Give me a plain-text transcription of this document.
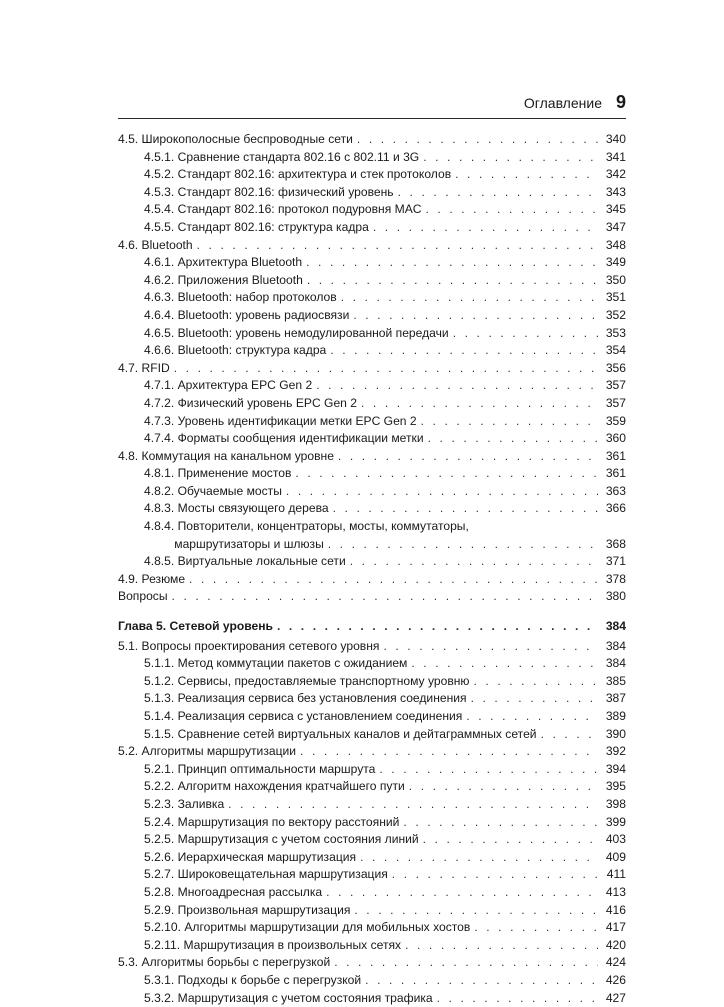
Оглавление 9
4.5. Широкополосные беспроводные сети . . .	340
4.5.1. Сравнение стандарта 802.16 с 802.11 и 3G . . .	341
4.5.2. Стандарт 802.16: архитектура и стек протоколов . . .	342
4.5.3. Стандарт 802.16: физический уровень . . .	343
4.5.4. Стандарт 802.16: протокол подуровня MAC . . .	345
4.5.5. Стандарт 802.16: структура кадра . . .	347
4.6. Bluetooth . . .	348
4.6.1. Архитектура Bluetooth . . .	349
4.6.2. Приложения Bluetooth . . .	350
4.6.3. Bluetooth: набор протоколов . . .	351
4.6.4. Bluetooth: уровень радиосвязи . . .	352
4.6.5. Bluetooth: уровень немодулированной передачи . . .	353
4.6.6. Bluetooth: структура кадра . . .	354
4.7. RFID . . .	356
4.7.1. Архитектура EPC Gen 2 . . .	357
4.7.2. Физический уровень EPC Gen 2 . . .	357
4.7.3. Уровень идентификации метки EPC Gen 2 . . .	359
4.7.4. Форматы сообщения идентификации метки . . .	360
4.8. Коммутация на канальном уровне . . .	361
4.8.1. Применение мостов . . .	361
4.8.2. Обучаемые мосты . . .	363
4.8.3. Мосты связующего дерева . . .	366
4.8.4. Повторители, концентраторы, мосты, коммутаторы,
маршрутизаторы и шлюзы . . .	368
4.8.5. Виртуальные локальные сети . . .	371
4.9. Резюме . . .	378
Вопросы . . .	380
Глава 5. Сетевой уровень . . .	384
5.1. Вопросы проектирования сетевого уровня . . .	384
5.1.1. Метод коммутации пакетов с ожиданием . . .	384
5.1.2. Сервисы, предоставляемые транспортному уровню . . .	385
5.1.3. Реализация сервиса без установления соединения . . .	387
5.1.4. Реализация сервиса с установлением соединения . . .	389
5.1.5. Сравнение сетей виртуальных каналов и дейтаграммных сетей . . .	390
5.2. Алгоритмы маршрутизации . . .	392
5.2.1. Принцип оптимальности маршрута . . .	394
5.2.2. Алгоритм нахождения кратчайшего пути . . .	395
5.2.3. Заливка . . .	398
5.2.4. Маршрутизация по вектору расстояний . . .	399
5.2.5. Маршрутизация с учетом состояния линий . . .	403
5.2.6. Иерархическая маршрутизация . . .	409
5.2.7. Широковещательная маршрутизация . . .	411
5.2.8. Многоадресная рассылка . . .	413
5.2.9. Произвольная маршрутизация . . .	416
5.2.10. Алгоритмы маршрутизации для мобильных хостов . . .	417
5.2.11. Маршрутизация в произвольных сетях . . .	420
5.3. Алгоритмы борьбы с перегрузкой . . .	424
5.3.1. Подходы к борьбе с перегрузкой . . .	426
5.3.2. Маршрутизация с учетом состояния трафика . . .	427
